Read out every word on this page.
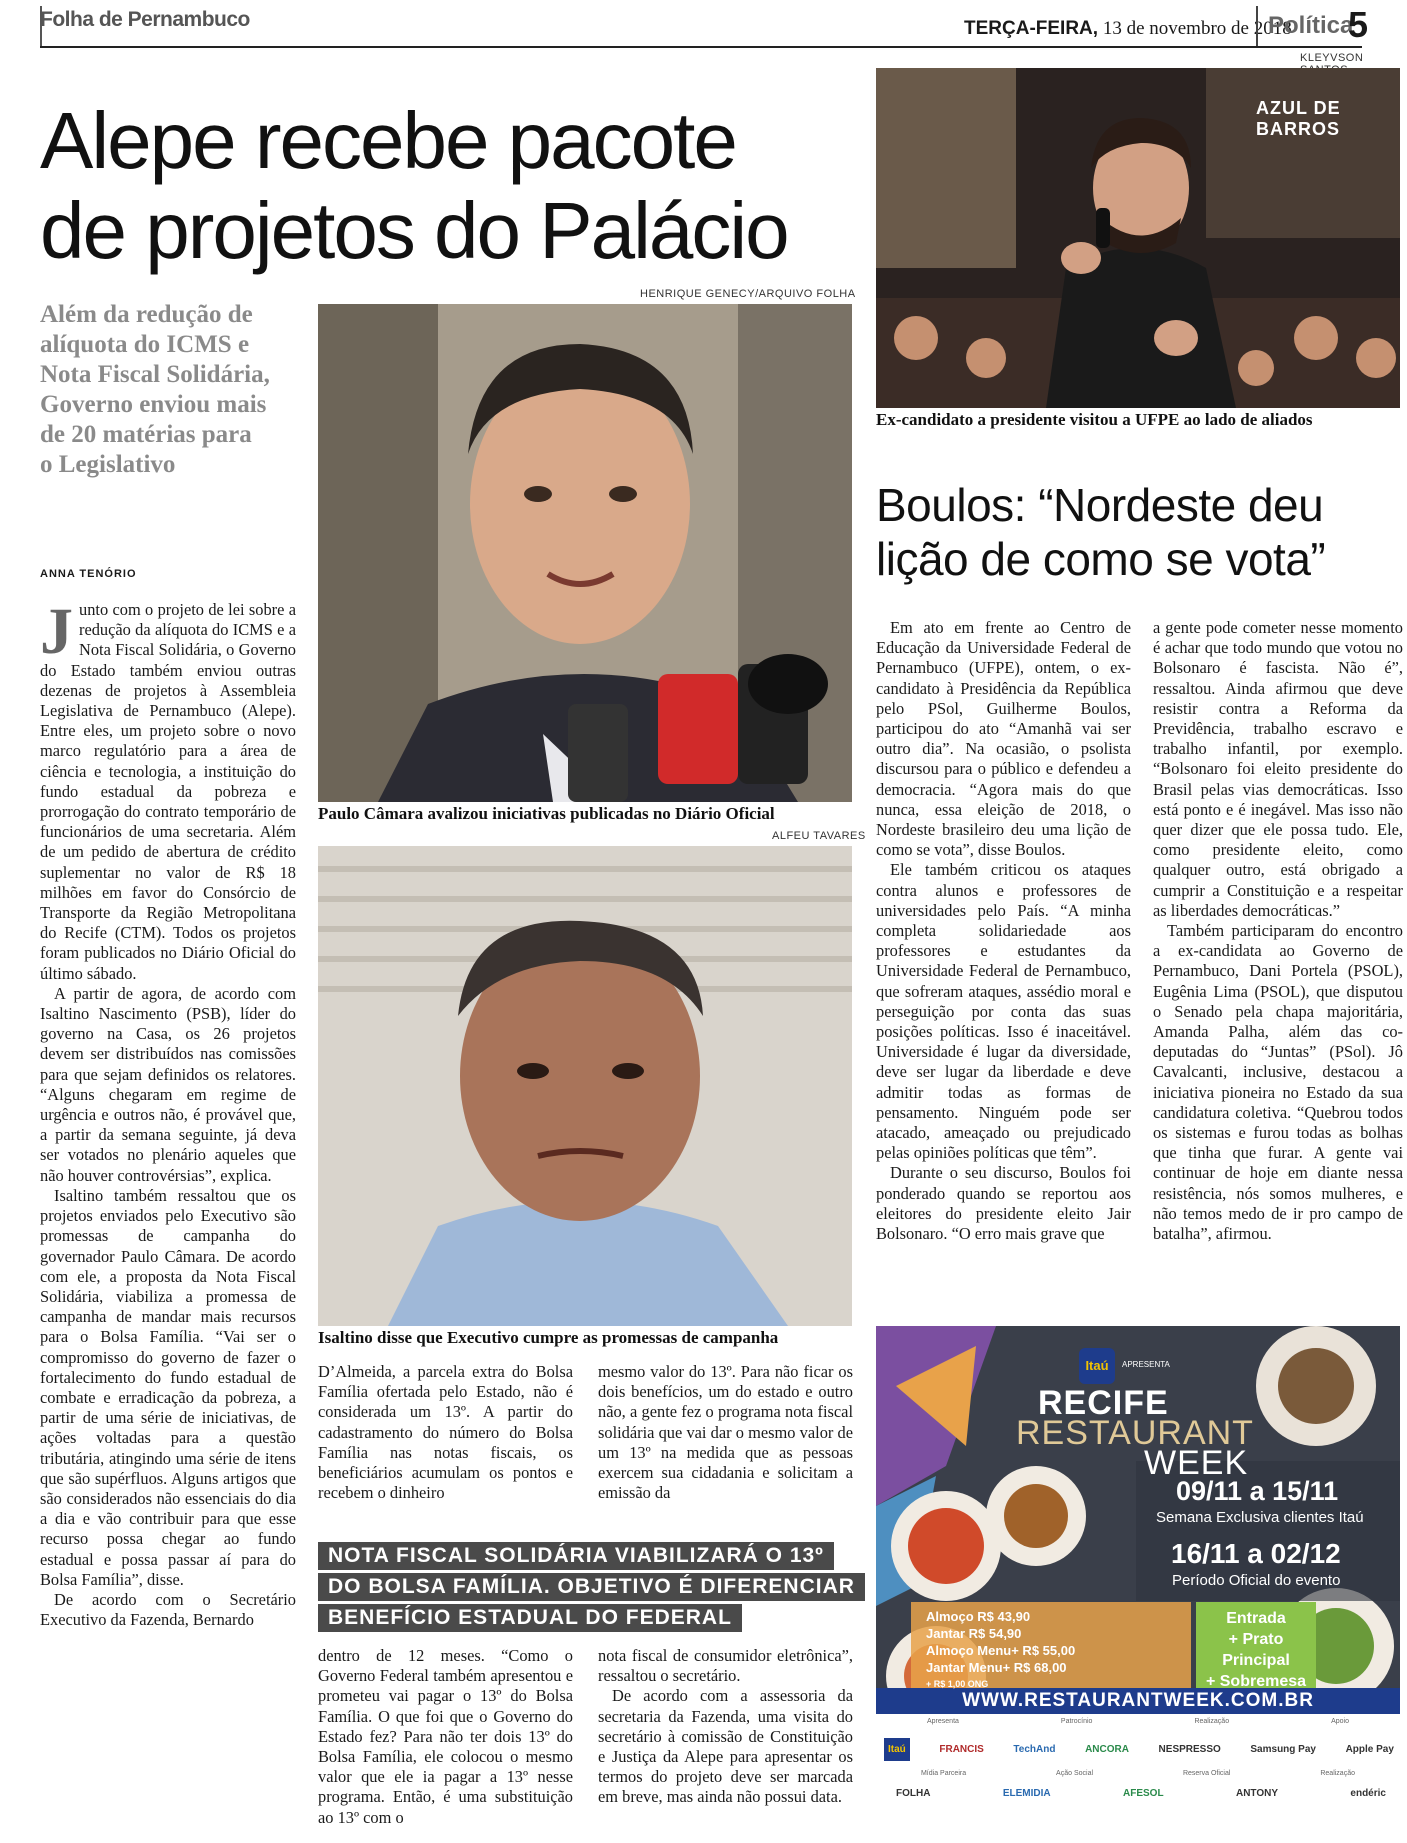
Folha de Pernambuco	TERÇA-FEIRA, 13 de novembro de 2018
Política
5
Alepe recebe pacote
de projetos do Palácio
Além da redução de alíquota do ICMS e Nota Fiscal Solidária, Governo enviou mais de 20 matérias para o Legislativo
ANNA TENÓRIO

Junto com o projeto de lei sobre a redução da alíquota do ICMS e a Nota Fiscal Solidária, o Governo do Estado também enviou outras dezenas de projetos à Assembleia Legislativa de Pernambuco (Alepe). Entre eles, um projeto sobre o novo marco regulatório para a área de ciência e tecnologia, a instituição do fundo estadual da pobreza e prorrogação do contrato temporário de funcionários de uma secretaria. Além de um pedido de abertura de crédito suplementar no valor de R$ 18 milhões em favor do Consórcio de Transporte da Região Metropolitana do Recife (CTM). Todos os projetos foram publicados no Diário Oficial do último sábado.

A partir de agora, de acordo com Isaltino Nascimento (PSB), líder do governo na Casa, os 26 projetos devem ser distribuídos nas comissões para que sejam definidos os relatores. “Alguns chegaram em regime de urgência e outros não, é provável que, a partir da semana seguinte, já deva ser votados no plenário aqueles que não houver controvérsias”, explica.

Isaltino também ressaltou que os projetos enviados pelo Executivo são promessas de campanha do governador Paulo Câmara. De acordo com ele, a proposta da Nota Fiscal Solidária, viabiliza a promessa de campanha de mandar mais recursos para o Bolsa Família. “Vai ser o compromisso do governo de fazer o fortalecimento do fundo estadual de combate e erradicação da pobreza, a partir de uma série de iniciativas, de ações voltadas para a questão tributária, atingindo uma série de itens que são supérfluos. Alguns artigos que são considerados não essenciais do dia a dia e vão contribuir para que esse recurso possa chegar ao fundo estadual e possa passar aí para do Bolsa Família”, disse.

De acordo com o Secretário Executivo da Fazenda, Bernardo

HENRIQUE GENECY/ARQUIVO FOLHA
Paulo Câmara avalizou iniciativas publicadas no Diário Oficial
ALFEU TAVARES
Isaltino disse que Executivo cumpre as promessas de campanha

D’Almeida, a parcela extra do Bolsa Família ofertada pelo Estado, não é considerada um 13º. A partir do cadastramento do número do Bolsa Família nas notas fiscais, os beneficiários acumulam os pontos e recebem o dinheiro

mesmo valor do 13º. Para não ficar os dois benefícios, um do estado e outro não, a gente fez o programa nota fiscal solidária que vai dar o mesmo valor de um 13º na medida que as pessoas exercem sua cidadania e solicitam a emissão da

NOTA FISCAL SOLIDÁRIA VIABILIZARÁ O 13º DO BOLSA FAMÍLIA. OBJETIVO É DIFERENCIAR BENEFÍCIO ESTADUAL DO FEDERAL

dentro de 12 meses. “Como o Governo Federal também apresentou e prometeu vai pagar o 13º do Bolsa Família. O que foi que o Governo do Estado fez? Para não ter dois 13º do Bolsa Família, ele colocou o mesmo valor que ele ia pagar a 13º nesse programa. Então, é uma substituição ao 13º com o

nota fiscal de consumidor eletrônica”, ressaltou o secretário.

De acordo com a assessoria da secretaria da Fazenda, uma visita do secretário à comissão de Constituição e Justiça da Alepe para apresentar os termos do projeto deve ser marcada em breve, mas ainda não possui data.

KLEYVSON
AZUL DE BARROS
Ex-candidato a presidente visitou a UFPE ao lado de aliados
Boulos: “Nordeste deu
lição de como se vota”

Em ato em frente ao Centro de Educação da Universidade Federal de Pernambuco (UFPE), ontem, o ex-candidato à Presidência da República pelo PSol, Guilherme Boulos, participou do ato “Amanhã vai ser outro dia”. Na ocasião, o psolista discursou para o público e defendeu a democracia. “Agora mais do que nunca, essa eleição de 2018, o Nordeste brasileiro deu uma lição de como se vota”, disse Boulos.

Ele também criticou os ataques contra alunos e professores de universidades pelo País. “A minha completa solidariedade aos professores e estudantes da Universidade Federal de Pernambuco, que sofreram ataques, assédio moral e perseguição por conta das suas posições políticas. Isso é inaceitável. Universidade é lugar da diversidade, deve ser lugar da liberdade e deve admitir todas as formas de pensamento. Ninguém pode ser atacado, ameaçado ou prejudicado pelas opiniões políticas que têm”.

Durante o seu discurso, Boulos foi ponderado quando se reportou aos eleitores do presidente eleito Jair Bolsonaro. “O erro mais grave que

a gente pode cometer nesse momento é achar que todo mundo que votou no Bolsonaro é fascista. Não é”, ressaltou. Ainda afirmou que deve resistir contra a Reforma da Previdência, trabalho escravo e trabalho infantil, por exemplo. “Bolsonaro foi eleito presidente do Brasil pelas vias democráticas. Isso está ponto e é inegável. Mas isso não quer dizer que ele possa tudo. Ele, como presidente eleito, como qualquer outro, está obrigado a cumprir a Constituição e a respeitar as liberdades democráticas.”

Também participaram do encontro a ex-candidata ao Governo de Pernambuco, Dani Portela (PSOL), Eugênia Lima (PSOL), que disputou o Senado pela chapa majoritária, Amanda Palha, além das co-deputadas do “Juntas” (PSol). Jô Cavalcanti, inclusive, destacou a iniciativa pioneira no Estado da sua candidatura coletiva. “Quebrou todos os sistemas e furou todas as bolhas que tinha que furar. A gente vai continuar de hoje em diante nessa resistência, nós somos mulheres, e não temos medo de ir pro campo de batalha”, afirmou.

Itaú	APRESENTA
RECIFE
RESTAURANT
WEEK
09/11 a 15/11
Semana Exclusiva clientes Itaú
16/11 a 02/12
Período Oficial do evento
Almoço R$ 43,90
Jantar R$ 54,90
Almoço Menu+ R$ 55,00
Jantar Menu+ R$ 68,00
+ R$ 1,00 ONG
Entrada
+ Prato
Principal
+ Sobremesa
WWW.RESTAURANTWEEK.COM.BR
Apresenta	Patrocínio	Realização	Apoio
Itaú	FRANCIS	TechAnd	ANCORA	NESPRESSO	Samsung Pay	Apple Pay
Mídia Parceira	Ação Social	Reserva Oficial	Realização
FOLHA	ELEMIDIA	AFESOL	ANTONY	endéric
